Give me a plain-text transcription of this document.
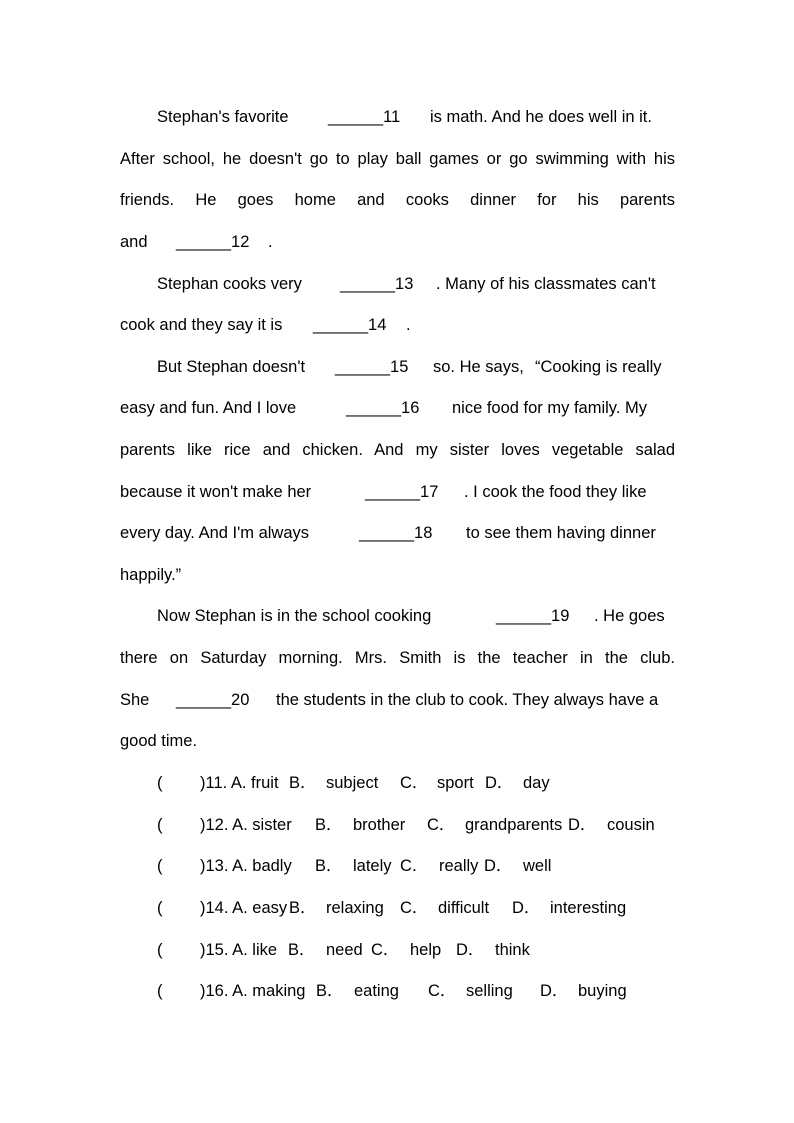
Stephan's favorite ______11 is math. And he does well in it.
After school, he doesn't go to play ball games or go swimming with his
friends. He goes home and cooks dinner for his parents
and ______12 .
Stephan cooks very ______13 . Many of his classmates can't
cook and they say it is ______14 .
But Stephan doesn't ______15 so. He says, “Cooking is really
easy and fun. And I love	______16 nice food for my family. My
parents like rice and chicken. And my sister loves vegetable salad
because it won't make her	______17 . I cook the food they like
every day. And I'm always	______18 to see them having dinner
happily.”
Now Stephan is in the school cooking	______19 . He goes
there on Saturday morning. Mrs. Smith is the teacher in the club.
She ______20 the students in the club to cook. They always have a
good time.
( )11. A. fruit B． subject C． sport D． day
( )12. A. sister B． brother C． grandparents D． cousin
( )13. A. badly B． lately C． really D． well
( )14. A. easy B． relaxing C． difficult D． interesting
( )15. A. like B． need C． help D． think
( )16. A. making B． eating C． selling D． buying
